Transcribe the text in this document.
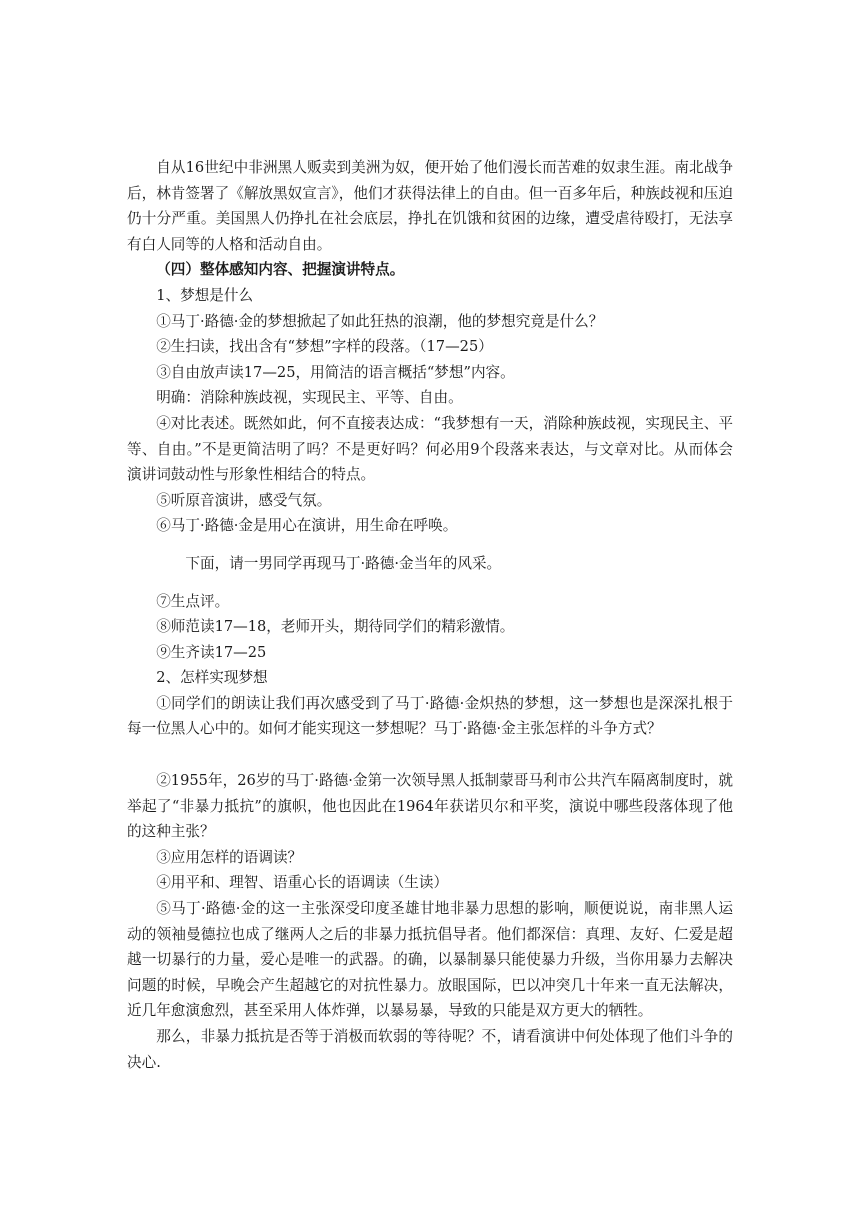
自从16世纪中非洲黑人贩卖到美洲为奴，便开始了他们漫长而苦难的奴隶生涯。南北战争后，林肯签署了《解放黑奴宣言》，他们才获得法律上的自由。但一百多年后，种族歧视和压迫仍十分严重。美国黑人仍挣扎在社会底层，挣扎在饥饿和贫困的边缘，遭受虐待殴打，无法享有白人同等的人格和活动自由。

（四）整体感知内容、把握演讲特点。

1、梦想是什么

①马丁·路德·金的梦想掀起了如此狂热的浪潮，他的梦想究竟是什么？

②生扫读，找出含有“梦想”字样的段落。（17—25）

③自由放声读17—25，用简洁的语言概括“梦想”内容。

明确：消除种族歧视，实现民主、平等、自由。

④对比表述。既然如此，何不直接表达成：“我梦想有一天，消除种族歧视，实现民主、平等、自由。”不是更简洁明了吗？不是更好吗？何必用9个段落来表达，与文章对比。从而体会演讲词鼓动性与形象性相结合的特点。

⑤听原音演讲，感受气氛。

⑥马丁·路德·金是用心在演讲，用生命在呼唤。

下面，请一男同学再现马丁·路德·金当年的风采。

⑦生点评。

⑧师范读17—18，老师开头，期待同学们的精彩激情。

⑨生齐读17—25

2、怎样实现梦想

①同学们的朗读让我们再次感受到了马丁·路德·金炽热的梦想，这一梦想也是深深扎根于每一位黑人心中的。如何才能实现这一梦想呢？马丁·路德·金主张怎样的斗争方式？

②1955年，26岁的马丁·路德·金第一次领导黑人抵制蒙哥马利市公共汽车隔离制度时，就举起了“非暴力抵抗”的旗帜，他也因此在1964年获诺贝尔和平奖，演说中哪些段落体现了他的这种主张？

③应用怎样的语调读？

④用平和、理智、语重心长的语调读（生读）

⑤马丁·路德·金的这一主张深受印度圣雄甘地非暴力思想的影响，顺便说说，南非黑人运动的领袖曼德拉也成了继两人之后的非暴力抵抗倡导者。他们都深信：真理、友好、仁爱是超越一切暴行的力量，爱心是唯一的武器。的确，以暴制暴只能使暴力升级，当你用暴力去解决问题的时候，早晚会产生超越它的对抗性暴力。放眼国际，巴以冲突几十年来一直无法解决，近几年愈演愈烈，甚至采用人体炸弹，以暴易暴，导致的只能是双方更大的牺牲。

那么，非暴力抵抗是否等于消极而软弱的等待呢？不，请看演讲中何处体现了他们斗争的决心.
